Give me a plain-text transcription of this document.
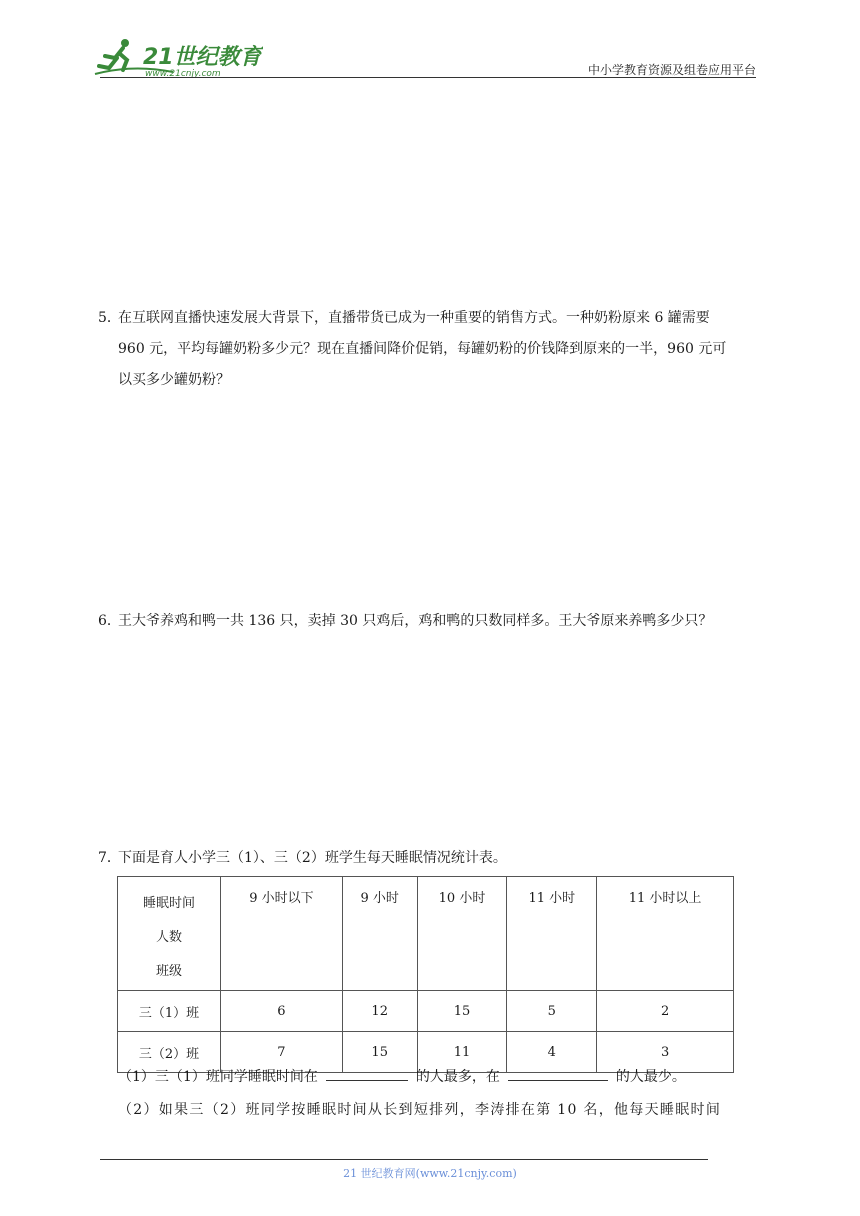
21世纪教育
www.21cnjy.com	中小学教育资源及组卷应用平台
5．在互联网直播快速发展大背景下，直播带货已成为一种重要的销售方式。一种奶粉原来 6 罐需要
960 元，平均每罐奶粉多少元？现在直播间降价促销，每罐奶粉的价钱降到原来的一半，960 元可
以买多少罐奶粉？
6．王大爷养鸡和鸭一共 136 只，卖掉 30 只鸡后，鸡和鸭的只数同样多。王大爷原来养鸭多少只？
7．下面是育人小学三（1）、三（2）班学生每天睡眠情况统计表。
睡眠时间
人数
班级	9 小时以下	9 小时	10 小时	11 小时	11 小时以上
三（1）班	6	12	15	5	2
三（2）班	7	15	11	4	3
（1）三（1）班同学睡眠时间在	的人最多，在	的人最少。
（2）如果三（2）班同学按睡眠时间从长到短排列，李涛排在第 10 名，他每天睡眠时间
21 世纪教育网(www.21cnjy.com)
